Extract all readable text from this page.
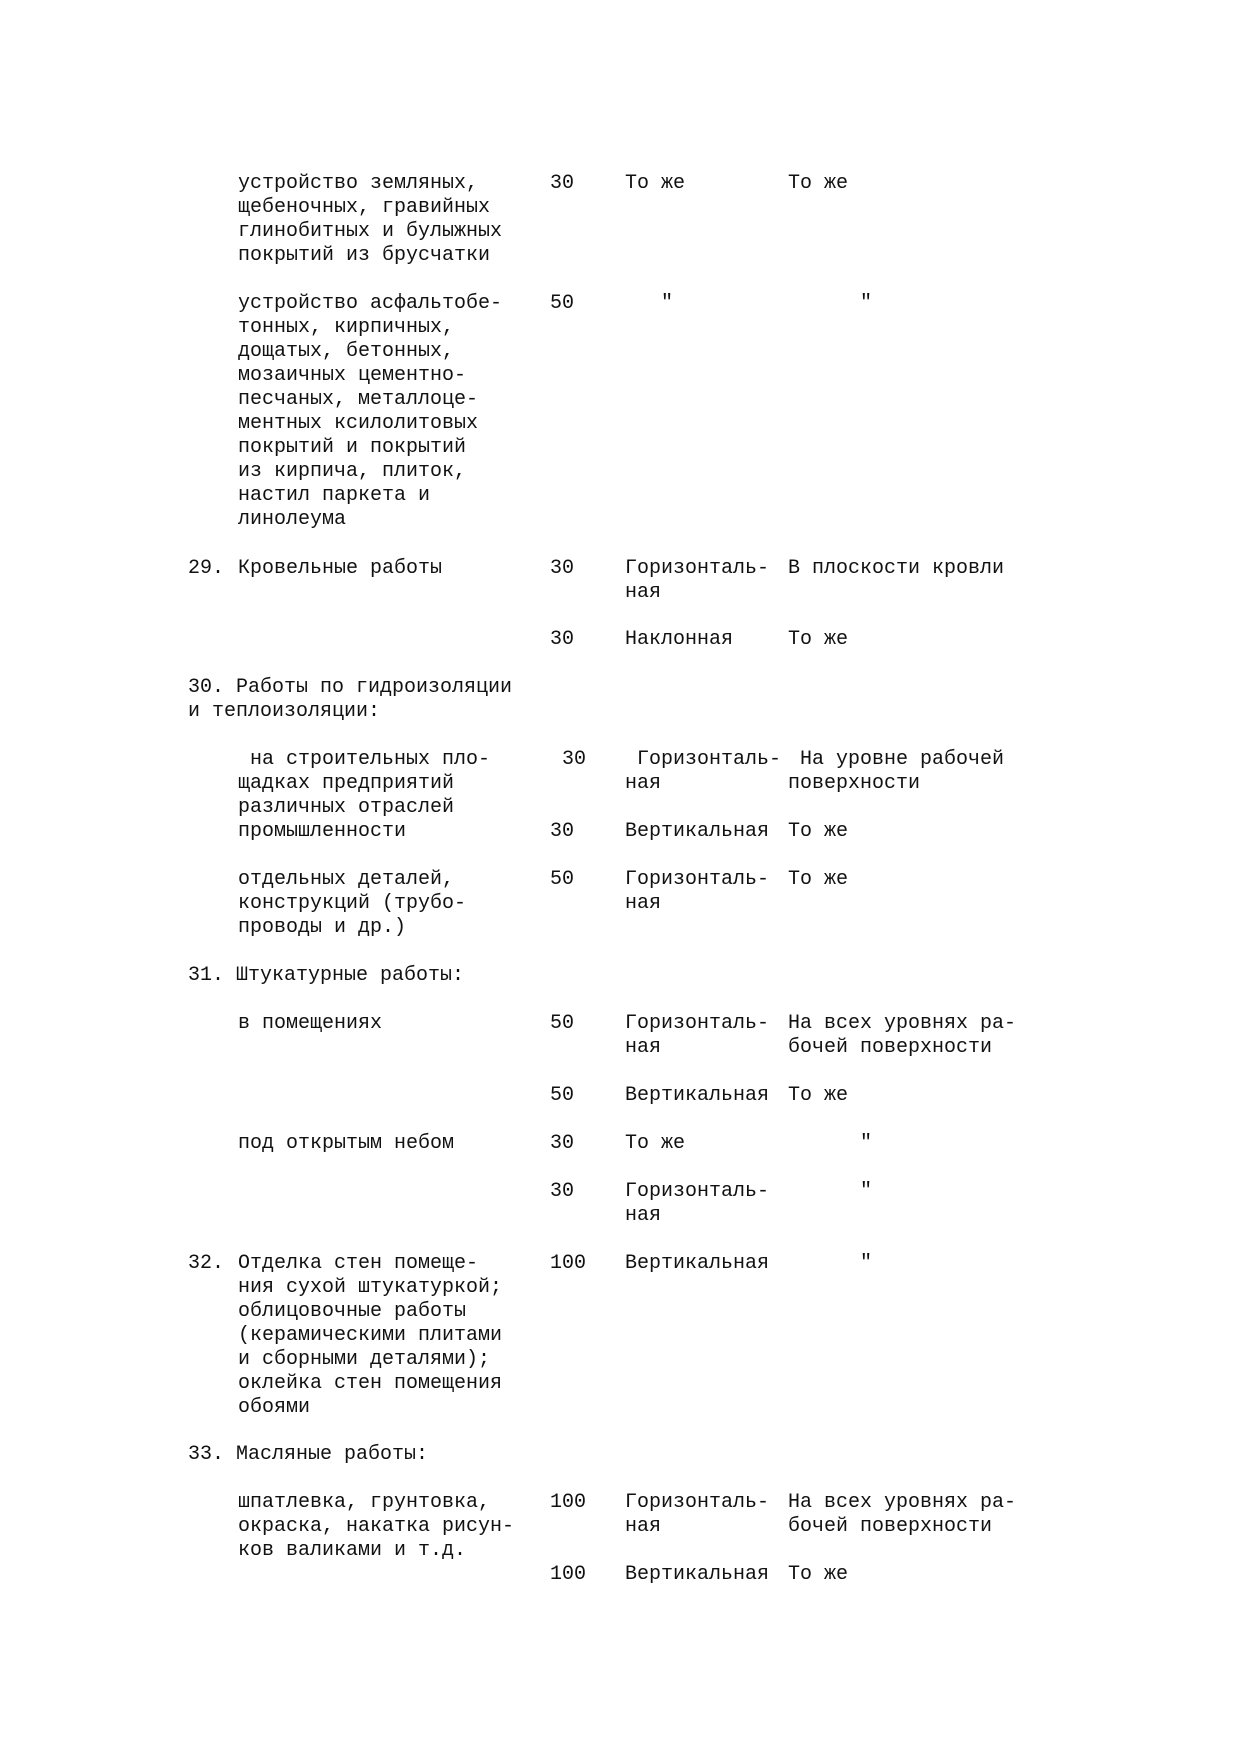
устройство земляных,
щебеночных, гравийных
глинобитных и булыжных
покрытий из брусчатки
30	То же	То же
устройство асфальтобе-
тонных, кирпичных,
дощатых, бетонных,
мозаичных цементно-
песчаных, металлоце-
ментных ксилолитовых
покрытий и покрытий
из кирпича, плиток,
настил паркета и
линолеума
50	"	"
29. Кровельные работы	30	Горизонталь-
ная
В плоскости кровли
30	Наклонная	То же
30. Работы по гидроизоляции
и теплоизоляции:
на строительных пло-
щадках предприятий
различных отраслей
промышленности
30	Горизонталь-
ная
На уровне рабочей
поверхности
30	Вертикальная То же
отдельных деталей,
конструкций (трубо-
проводы и др.)
50	Горизонталь-
ная
То же
31. Штукатурные работы:
в помещениях	50	Горизонталь-
ная
На всех уровнях ра-
бочей поверхности
50	Вертикальная То же
под открытым небом	30	То же	"
30	Горизонталь-
ная
"
32. Отделка стен помеще-
ния сухой штукатуркой;
облицовочные работы
(керамическими плитами
и сборными деталями);
оклейка стен помещения
обоями
100 Вертикальная "
33. Масляные работы:
шпатлевка, грунтовка,
окраска, накатка рисун-
ков валиками и т.д.
100 Горизонталь-
ная
На всех уровнях ра-
бочей поверхности
100 Вертикальная То же
